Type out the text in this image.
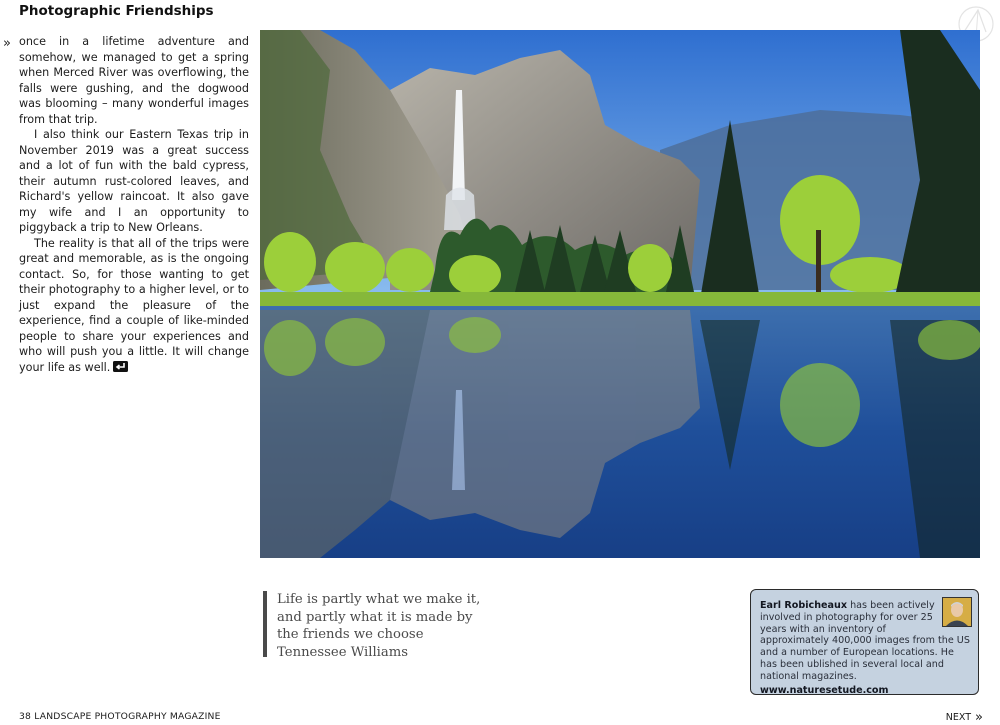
Photographic Friendships
» once in a lifetime adventure and somehow, we managed to get a spring when Merced River was overflowing, the falls were gushing, and the dogwood was blooming – many wonderful images from that trip.

I also think our Eastern Texas trip in November 2019 was a great success and a lot of fun with the bald cypress, their autumn rust-colored leaves, and Richard's yellow raincoat. It also gave my wife and I an opportunity to piggyback a trip to New Orleans.

The reality is that all of the trips were great and memorable, as is the ongoing contact. So, for those wanting to get their photography to a higher level, or to just expand the pleasure of the experience, find a couple of like-minded people to share your experiences and who will push you a little. It will change your life as well.

Life is partly what we make it,
and partly what it is made by
the friends we choose
Tennessee Williams
Earl Robicheaux has been actively involved in photography for over 25 years with an inventory of approximately 400,000 images from the US and a number of European locations. He has been ublished in several local and national magazines.
www.naturesetude.com
38 LANDSCAPE PHOTOGRAPHY MAGAZINE	NEXT »
